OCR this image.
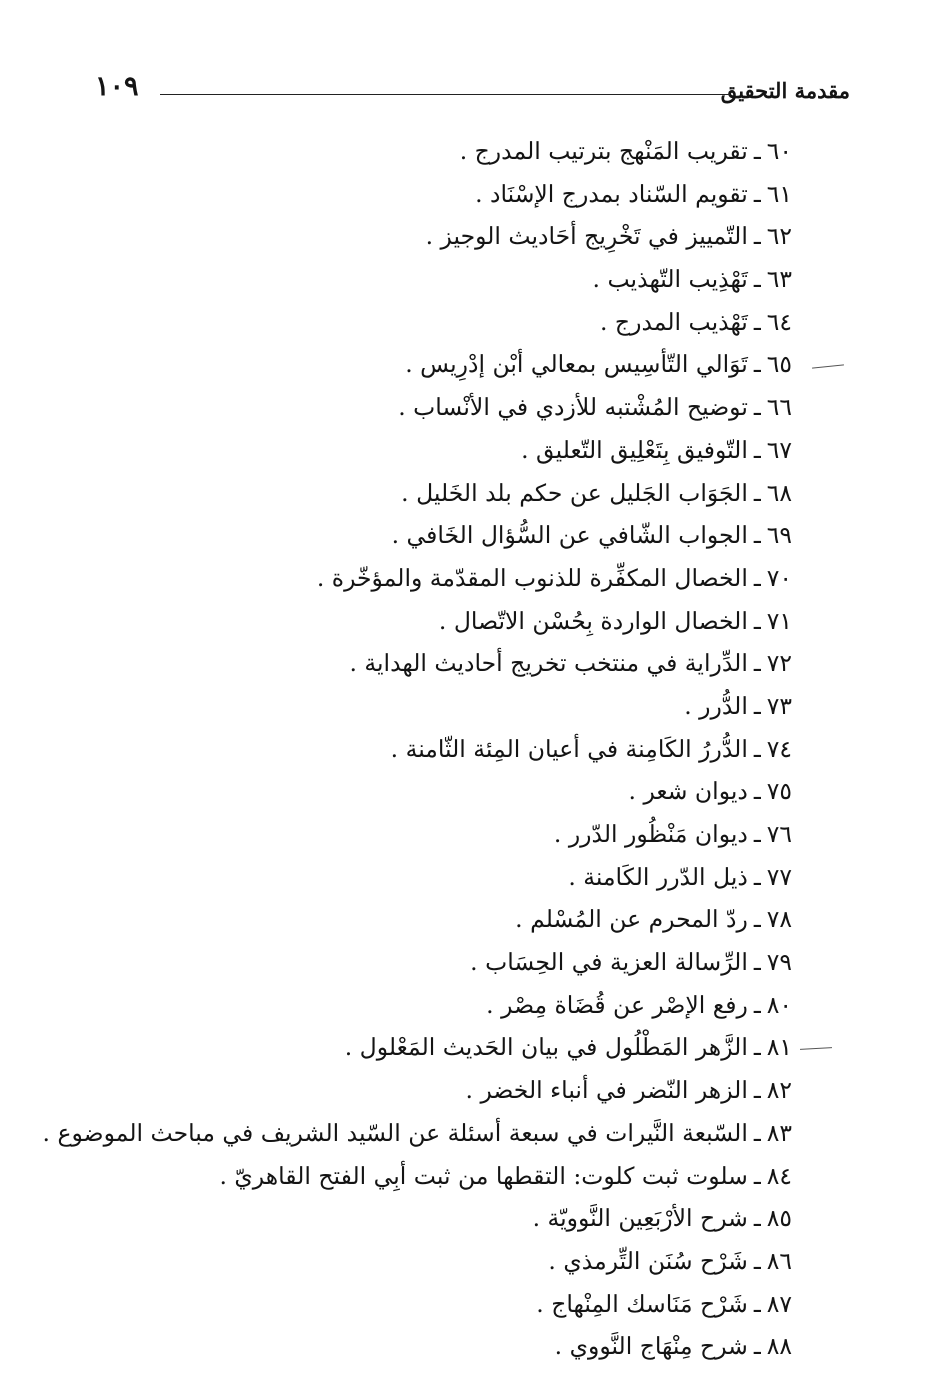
مقدمة التحقيق
١٠٩
٦٠ـتقريب المَنْهج بترتيب المدرج .
٦١ـتقويم السّناد بمدرج الإسْنَاد .
٦٢ـالتّمييز في تَخْرِيج أحَاديث الوجيز .
٦٣ـتَهْذِيب التّهذيب .
٦٤ـتَهْذيب المدرج .
٦٥ـتَوَالي التّأسِيس بمعالي أبْن إدْرِيس .
٦٦ـتوضيح المُشْتبه للأزدي في الأنْساب .
٦٧ـالتّوفيق بِتَعْلِيق التّعليق .
٦٨ـالجَوَاب الجَليل عن حكم بلد الخَليل .
٦٩ـالجواب الشّافي عن السُّؤال الخَافي .
٧٠ـالخصال المكفِّرة للذنوب المقدّمة والمؤخّرة .
٧١ـالخصال الواردة بِحُسْن الاتّصال .
٧٢ـالدِّراية في منتخب تخريج أحاديث الهداية .
٧٣ـالدُّرر .
٧٤ـالدُّررُ الكَامِنة في أعيان المِئة الثّامنة .
٧٥ـديوان شعر .
٧٦ـديوان مَنْظُور الدّرر .
٧٧ـذيل الدّرر الكَامنة .
٧٨ـردّ المحرم عن المُسْلم .
٧٩ـالرِّسالة العزية في الحِسَاب .
٨٠ـرفع الإصْر عن قُضَاة مِصْر .
٨١ـالزَّهر المَطْلُول في بيان الحَديث المَعْلول .
٨٢ـالزهر النّضر في أنباء الخضر .
٨٣ـالسّبعة النَّيرات في سبعة أسئلة عن السّيد الشريف في مباحث الموضوع .
٨٤ـسلوت ثبت كلوت: التقطها من ثبت أبِي الفتح القاهريّ .
٨٥ـشرح الأرْبَعِين النَّوويّة .
٨٦ـشَرْح سُنَن التِّرمذي .
٨٧ـشَرْح مَنَاسك المِنْهاج .
٨٨ـشرح مِنْهَاج النَّووي .
